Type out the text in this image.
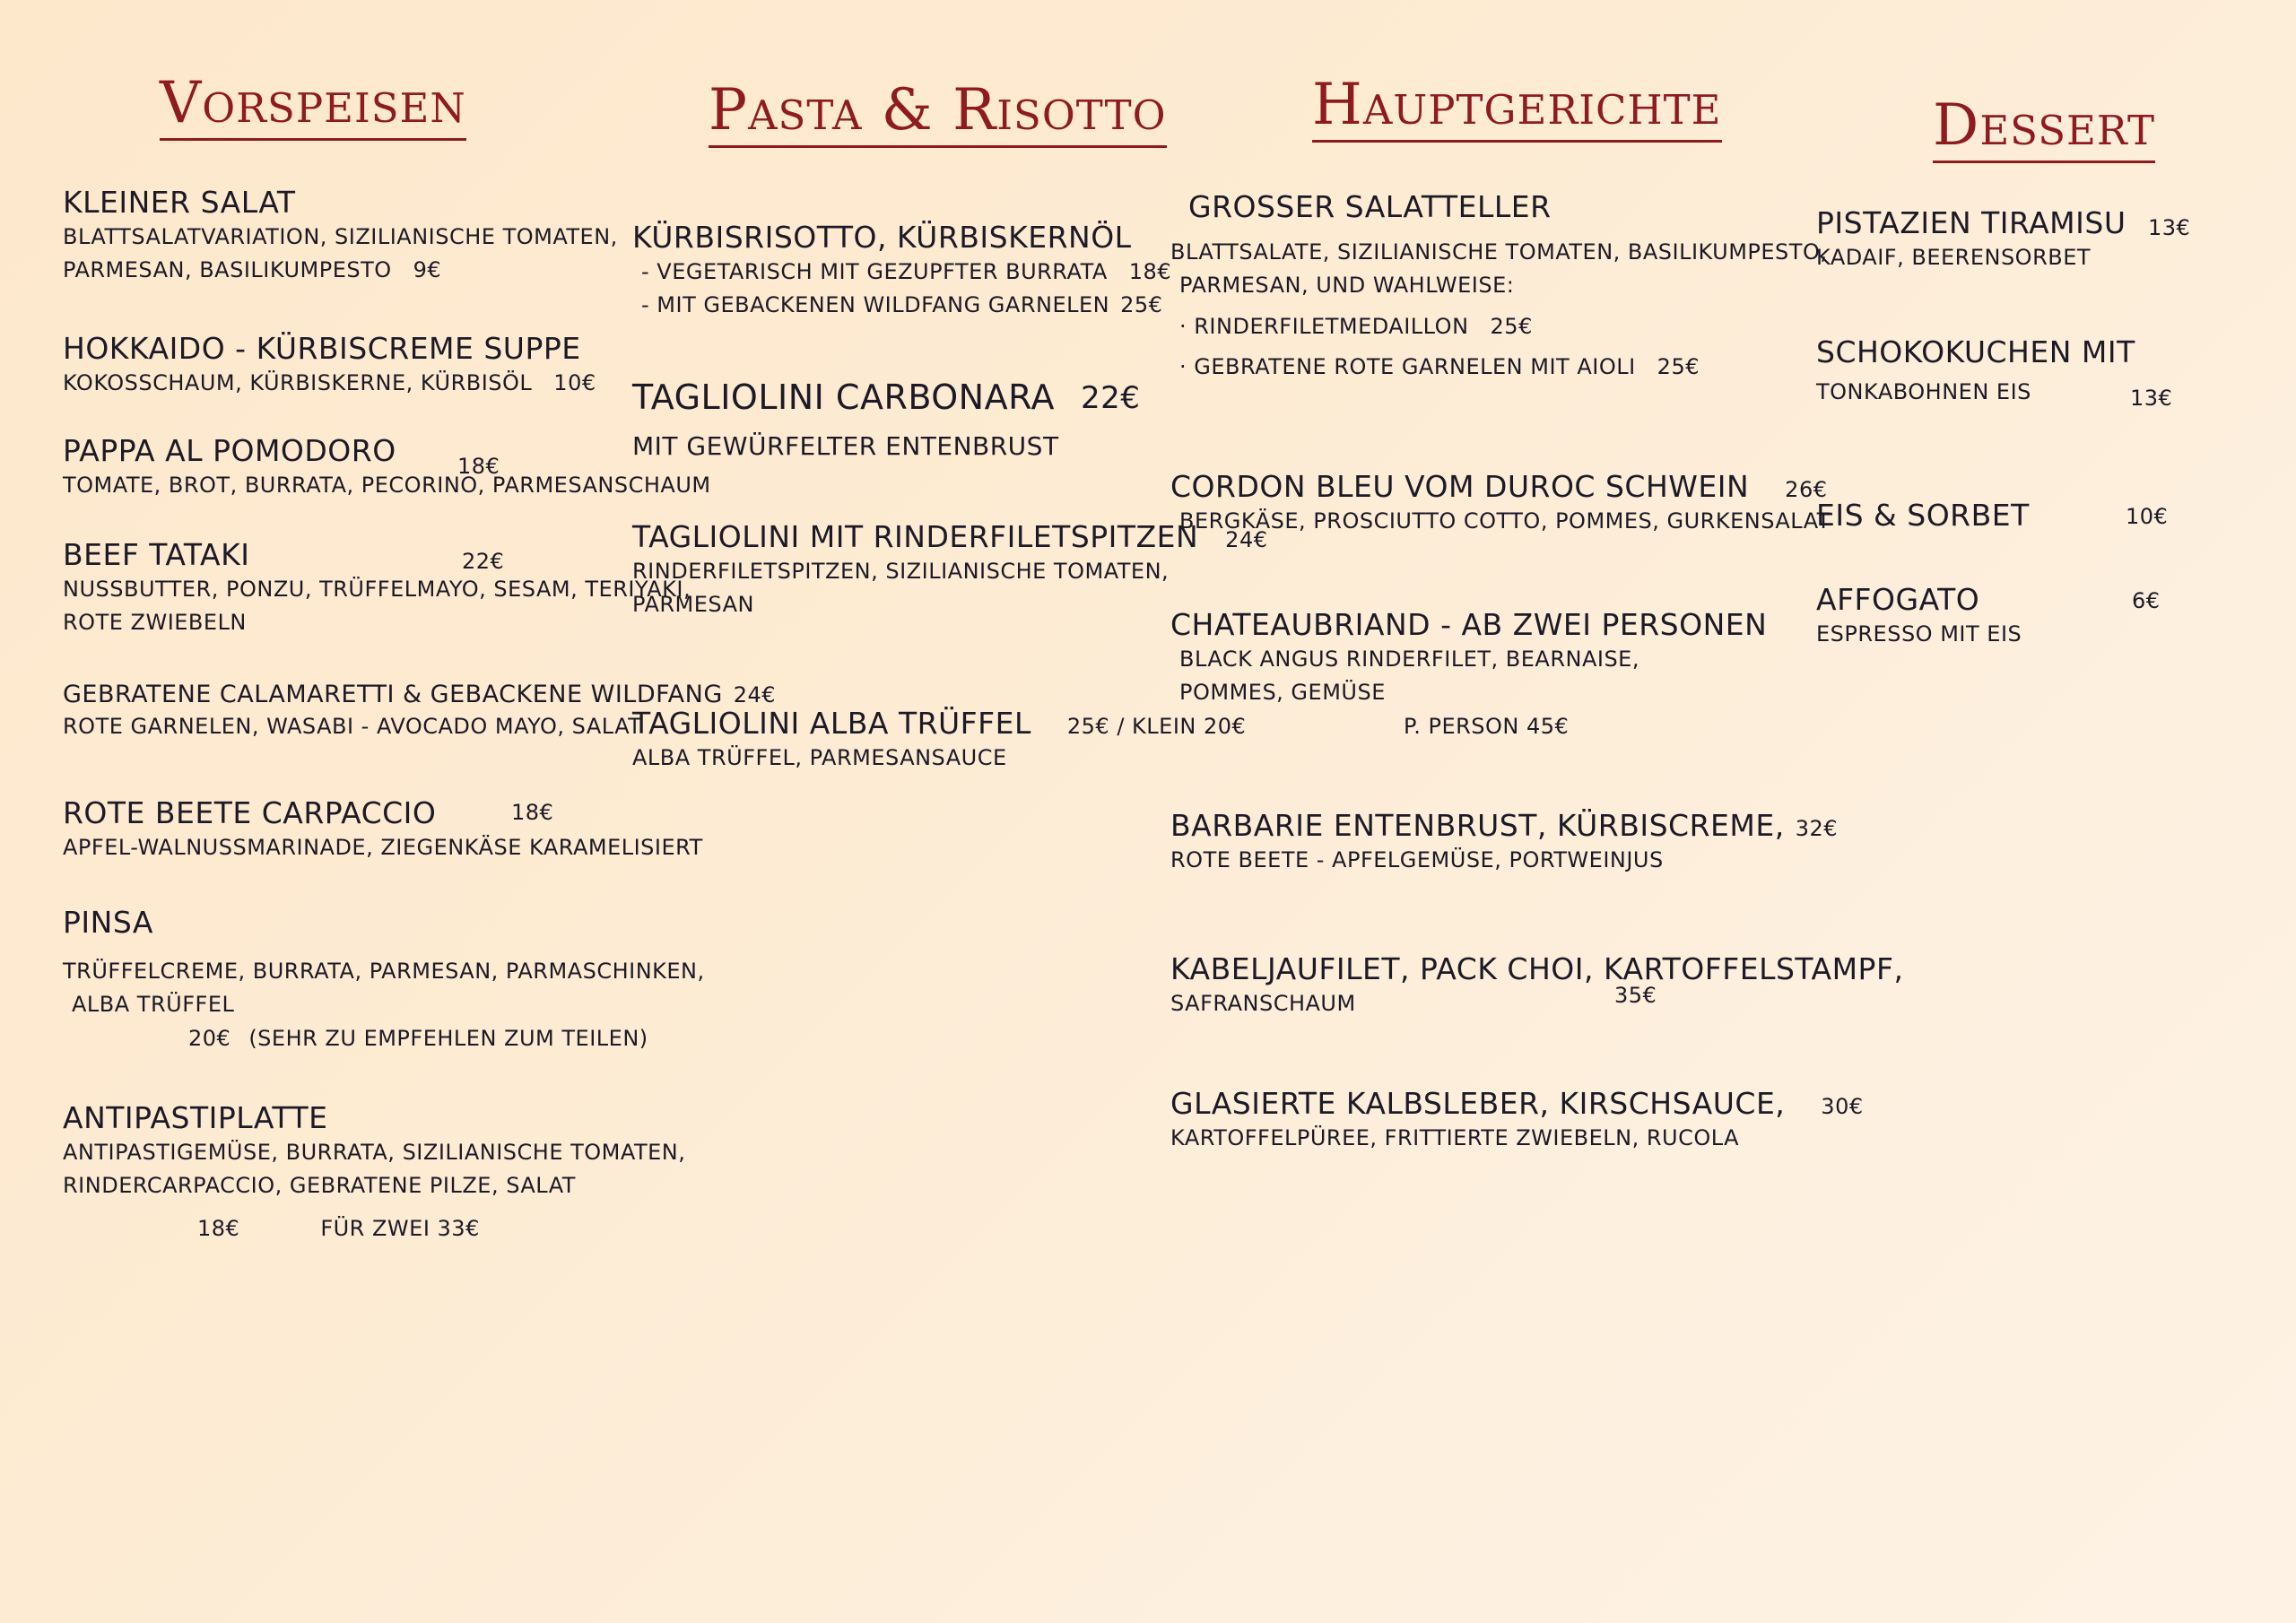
Vorspeisen
KLEINER SALAT
BLATTSALATVARIATION, SIZILIANISCHE TOMATEN,
PARMESAN, BASILIKUMPESTO 9€
HOKKAIDO - KÜRBISCREME SUPPE
KOKOSSCHAUM, KÜRBISKERNE, KÜRBISÖL 10€
PAPPA AL POMODORO
TOMATE, BROT, BURRATA, PECORINO, PARMESANSCHAUM
18€
BEEF TATAKI
NUSSBUTTER, PONZU, TRÜFFELMAYO, SESAM, TERIYAKI,
ROTE ZWIEBELN
22€
GEBRATENE CALAMARETTI & GEBACKENE WILDFANG 24€
ROTE GARNELEN, WASABI - AVOCADO MAYO, SALAT
ROTE BEETE CARPACCIO
APFEL-WALNUSSMARINADE, ZIEGENKÄSE KARAMELISIERT
18€
PINSA
TRÜFFELCREME, BURRATA, PARMESAN, PARMASCHINKEN,
ALBA TRÜFFEL
20€ (SEHR ZU EMPFEHLEN ZUM TEILEN)
ANTIPASTIPLATTE
ANTIPASTIGEMÜSE, BURRATA, SIZILIANISCHE TOMATEN,
RINDERCARPACCIO, GEBRATENE PILZE, SALAT
18€	FÜR ZWEI 33€
Pasta & Risotto
KÜRBISRISOTTO, KÜRBISKERNÖL
- VEGETARISCH MIT GEZUPFTER BURRATA 18€
- MIT GEBACKENEN WILDFANG GARNELEN 25€
TAGLIOLINI CARBONARA
MIT GEWÜRFELTER ENTENBRUST
22€
TAGLIOLINI MIT RINDERFILETSPITZEN 24€
RINDERFILETSPITZEN, SIZILIANISCHE TOMATEN,
PARMESAN
TAGLIOLINI ALBA TRÜFFEL 25€ / KLEIN 20€
ALBA TRÜFFEL, PARMESANSAUCE
Hauptgerichte
GROSSER SALATTELLER
BLATTSALATE, SIZILIANISCHE TOMATEN, BASILIKUMPESTO,
PARMESAN, UND WAHLWEISE:
· RINDERFILETMEDAILLON 25€
· GEBRATENE ROTE GARNELEN MIT AIOLI 25€
CORDON BLEU VOM DUROC SCHWEIN 26€
BERGKÄSE, PROSCIUTTO COTTO, POMMES, GURKENSALAT
CHATEAUBRIAND - AB ZWEI PERSONEN
BLACK ANGUS RINDERFILET, BEARNAISE,
POMMES, GEMÜSE
P. PERSON 45€
BARBARIE ENTENBRUST, KÜRBISCREME, 32€
ROTE BEETE - APFELGEMÜSE, PORTWEINJUS
KABELJAUFILET, PACK CHOI, KARTOFFELSTAMPF,
SAFRANSCHAUM	35€
GLASIERTE KALBSLEBER, KIRSCHSAUCE, 30€
KARTOFFELPÜREE, FRITTIERTE ZWIEBELN, RUCOLA
Dessert
PISTAZIEN TIRAMISU
KADAIF, BEERENSORBET
13€
SCHOKOKUCHEN MIT
TONKABOHNEN EIS	13€
EIS & SORBET	10€
AFFOGATO
ESPRESSO MIT EIS
6€
